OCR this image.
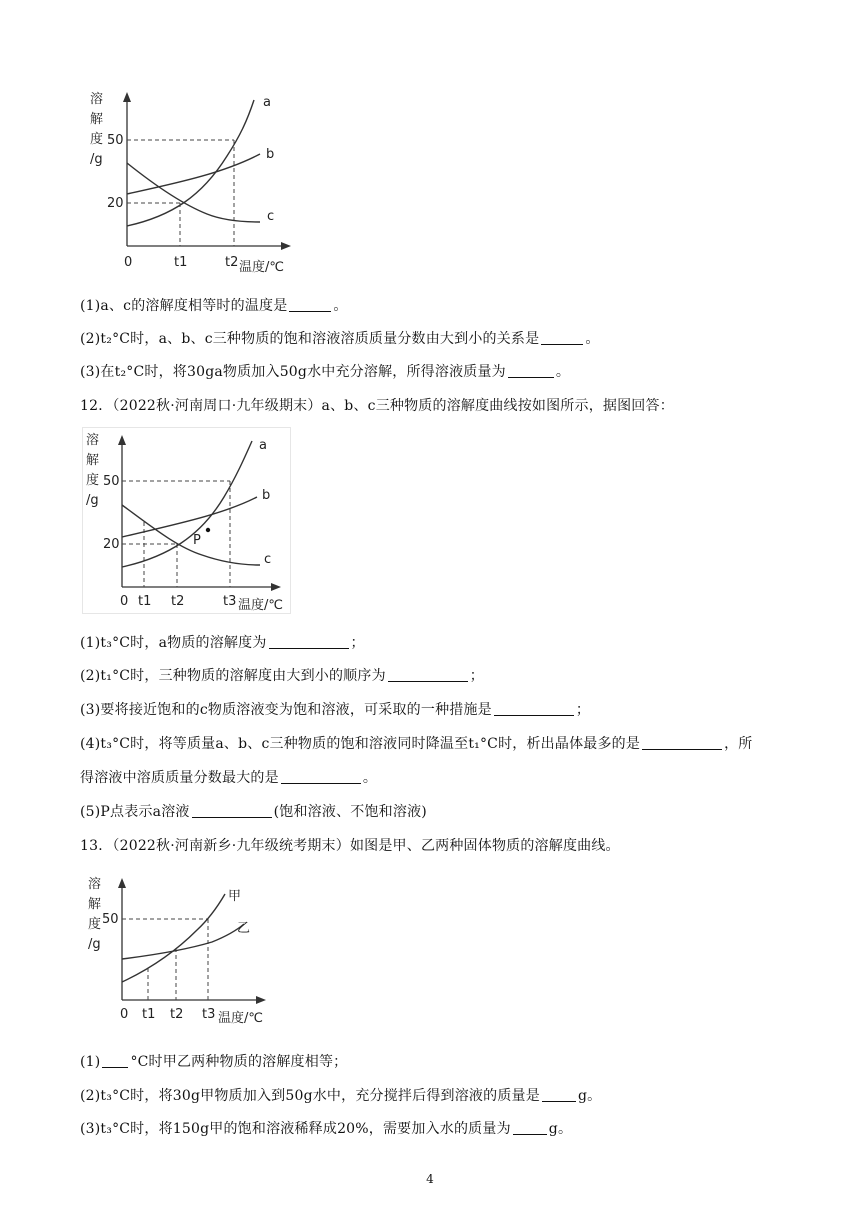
溶
解
度
/g
50
20
0	t1	t2 温度/℃
a
b
c
(1)a、c的溶解度相等时的温度是	。
(2)t₂°C时，a、b、c三种物质的饱和溶液溶质质量分数由大到小的关系是	。
(3)在t₂°C时，将30ga物质加入50g水中充分溶解，所得溶液质量为	。
12．（2022秋·河南周口·九年级期末）a、b、c三种物质的溶解度曲线按如图所示，据图回答：
溶
解
度
/g
50
20
0 t1 t2	t3 温度/℃
a
b
c
P
(1)t₃°C时，a物质的溶解度为	；
(2)t₁°C时，三种物质的溶解度由大到小的顺序为	；
(3)要将接近饱和的c物质溶液变为饱和溶液，可采取的一种措施是	；
(4)t₃°C时，将等质量a、b、c三种物质的饱和溶液同时降温至t₁°C时，析出晶体最多的是	，所
得溶液中溶质质量分数最大的是	。
(5)P点表示a溶液	(饱和溶液、不饱和溶液)
13．（2022秋·河南新乡·九年级统考期末）如图是甲、乙两种固体物质的溶解度曲线。
溶
解
度
/g
50
0 t1 t2 t3 温度/℃
甲
乙
(1) °C时甲乙两种物质的溶解度相等；
(2)t₃°C时，将30g甲物质加入到50g水中，充分搅拌后得到溶液的质量是	g。
(3)t₃°C时，将150g甲的饱和溶液稀释成20%，需要加入水的质量为	g。
4
